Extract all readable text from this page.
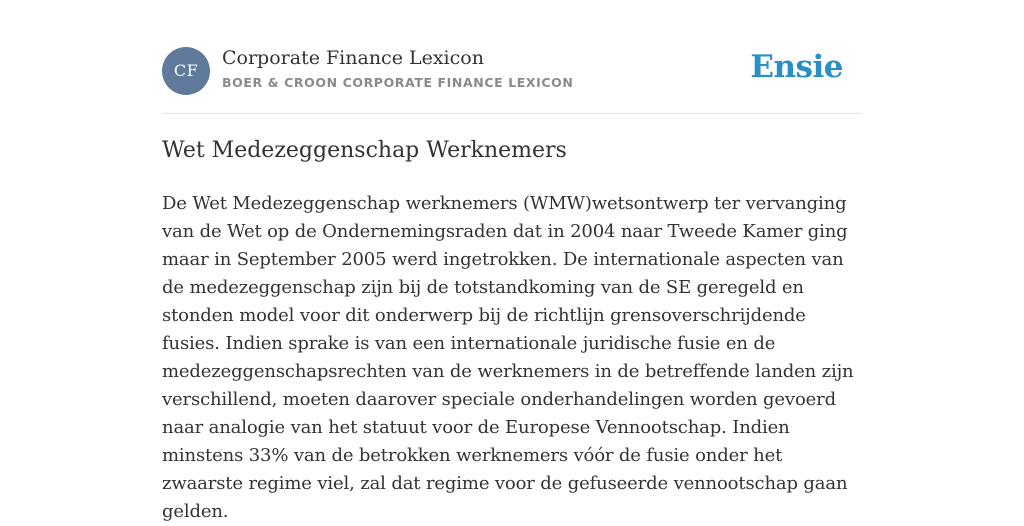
CF
Corporate Finance Lexicon
BOER & CROON CORPORATE FINANCE LEXICON	Ensie
Wet Medezeggenschap Werknemers

De Wet Medezeggenschap werknemers (WMW)wetsontwerp ter vervanging van de Wet op de Ondernemingsraden dat in 2004 naar Tweede Kamer ging maar in September 2005 werd ingetrokken. De internationale aspecten van de medezeggenschap zijn bij de totstandkoming van de SE geregeld en stonden model voor dit onderwerp bij de richtlijn grensoverschrijdende fusies. Indien sprake is van een internationale juridische fusie en de medezeggenschapsrechten van de werknemers in de betreffende landen zijn verschillend, moeten daarover speciale onderhandelingen worden gevoerd naar analogie van het statuut voor de Europese Vennootschap. Indien minstens 33% van de betrokken werknemers vóór de fusie onder het zwaarste regime viel, zal dat regime voor de gefuseerde vennootschap gaan gelden.
